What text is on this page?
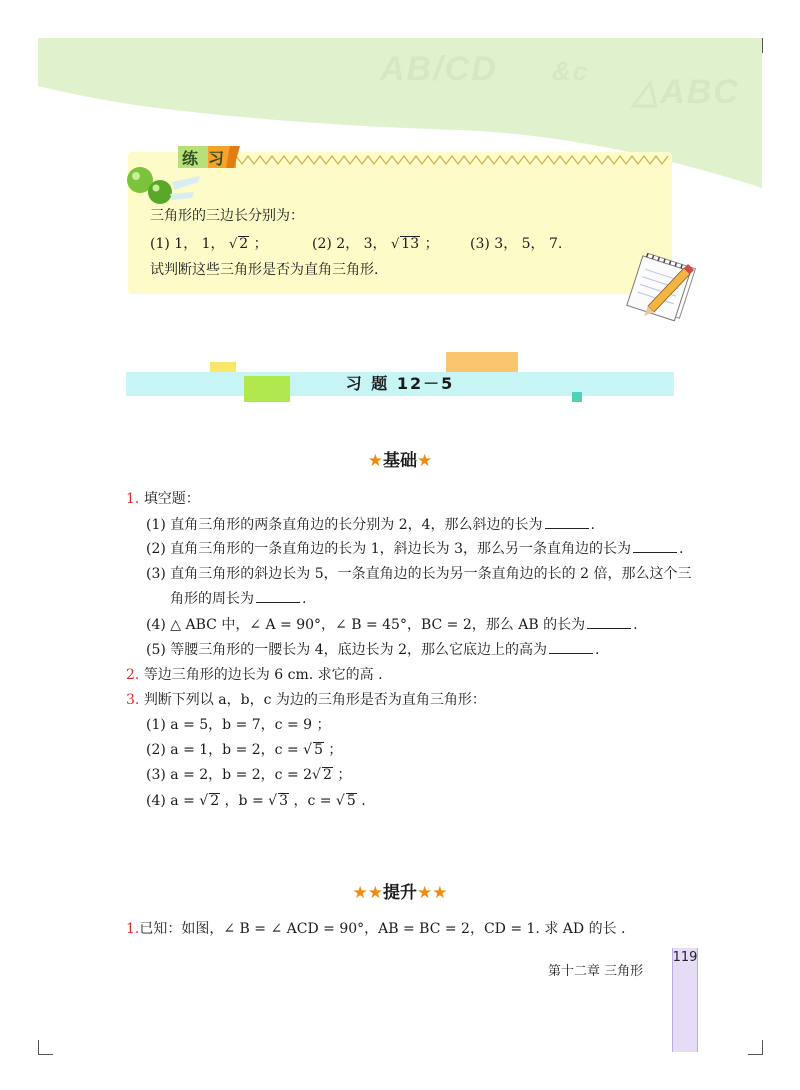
AB/CD &c
△ABC
练习
三角形的三边长分别为：
(1) 1， 1， √ 2 ；	(2) 2， 3， √ 13 ； (3) 3， 5， 7.
试判断这些三角形是否为直角三角形.
习 题 12－5
★基础★
1. 填空题：
(1) 直角三角形的两条直角边的长分别为 2，4，那么斜边的长为	.
(2) 直角三角形的一条直角边的长为 1，斜边长为 3，那么另一条直角边的长为	.
(3) 直角三角形的斜边长为 5，一条直角边的长为另一条直角边的长的 2 倍，那么这个三
角形的周长为	.
(4) △ ABC 中，∠ A = 90°，∠ B = 45°，BC = 2，那么 AB 的长为	.
(5) 等腰三角形的一腰长为 4，底边长为 2，那么它底边上的高为	.
2. 等边三角形的边长为 6 cm. 求它的高 .
3. 判断下列以 a，b，c 为边的三角形是否为直角三角形：
(1) a = 5，b = 7，c = 9 ；
(2) a = 1，b = 2，c = √ 5 ；
(3) a = 2，b = 2，c = 2√ 2 ；
(4) a = √ 2 ，b = √ 3 ，c = √ 5 .
★★提升★★
1.已知：如图，∠ B = ∠ ACD = 90°，AB = BC = 2，CD = 1. 求 AD 的长 .
119
第十二章 三角形
